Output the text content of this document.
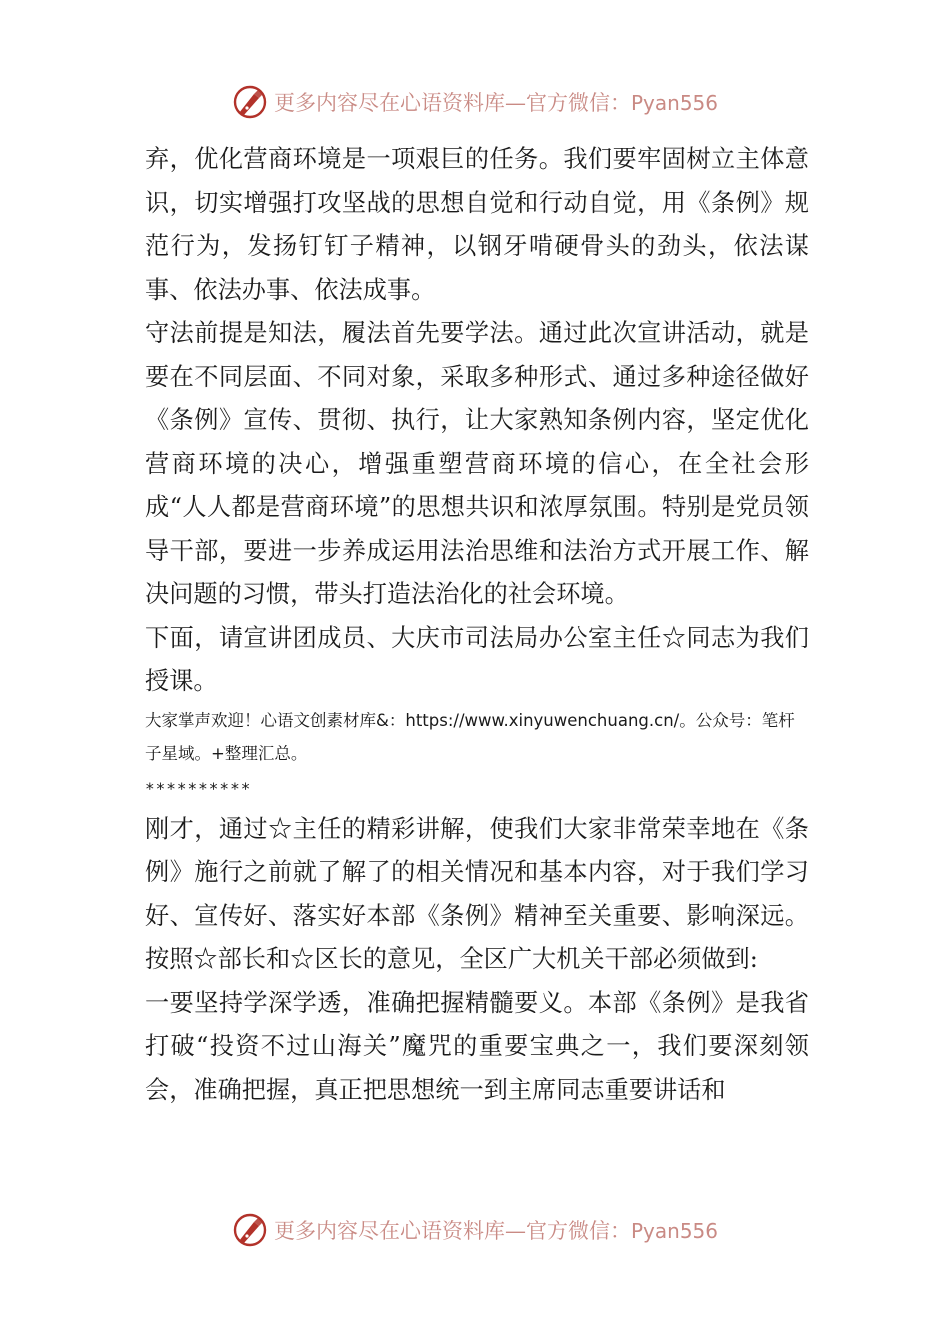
更多内容尽在心语资料库—官方微信：Pyan556

弃，优化营商环境是一项艰巨的任务。我们要牢固树立主体意识，切实增强打攻坚战的思想自觉和行动自觉，用《条例》规范行为，发扬钉钉子精神，以钢牙啃硬骨头的劲头，依法谋事、依法办事、依法成事。

守法前提是知法，履法首先要学法。通过此次宣讲活动，就是要在不同层面、不同对象，采取多种形式、通过多种途径做好《条例》宣传、贯彻、执行，让大家熟知条例内容，坚定优化营商环境的决心，增强重塑营商环境的信心，在全社会形成“人人都是营商环境”的思想共识和浓厚氛围。特别是党员领导干部，要进一步养成运用法治思维和法治方式开展工作、解决问题的习惯，带头打造法治化的社会环境。

下面，请宣讲团成员、大庆市司法局办公室主任☆同志为我们授课。

大家掌声欢迎！心语文创素材库&：https://www.xinyuwenchuang.cn/。公众号：笔杆子星域。+整理汇总。

**********

刚才，通过☆主任的精彩讲解，使我们大家非常荣幸地在《条例》施行之前就了解了的相关情况和基本内容，对于我们学习好、宣传好、落实好本部《条例》精神至关重要、影响深远。按照☆部长和☆区长的意见，全区广大机关干部必须做到:

一要坚持学深学透，准确把握精髓要义。本部《条例》是我省打破“投资不过山海关”魔咒的重要宝典之一，我们要深刻领会，准确把握，真正把思想统一到主席同志重要讲话和

更多内容尽在心语资料库—官方微信：Pyan556
